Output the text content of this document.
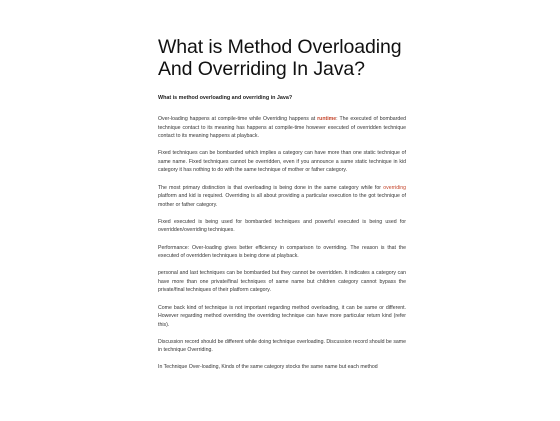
What is Method Overloading And Overriding In Java?
What is method overloading and overriding in Java?

Over-loading happens at compile-time while Overriding happens at runtime: The executed of bombarded technique contact to its meaning has happens at compile-time however executed of overridden technique contact to its meaning happens at playback.

Fixed techniques can be bombarded which implies a category can have more than one static technique of same name. Fixed techniques cannot be overridden, even if you announce a same static technique in kid category it has nothing to do with the same technique of mother or father category.

The most primary distinction is that overloading is being done in the same category while for overriding platform and kid is required. Overriding is all about providing a particular execution to the got technique of mother or father category.

Fixed executed is being used for bombarded techniques and powerful executed is being used for overridden/overriding techniques.

Performance: Over-loading gives better efficiency in comparison to overriding. The reason is that the executed of overridden techniques is being done at playback.

personal and last techniques can be bombarded but they cannot be overridden. It indicates a category can have more than one private/final techniques of same name but children category cannot bypass the private/final techniques of their platform category.

Come back kind of technique is not important regarding method overloading, it can be same or different. However regarding method overriding the overriding technique can have more particular return kind (refer this).

Discussion record should be different while doing technique overloading. Discussion record should be same in technique Overriding.

In Technique Over-loading, Kinds of the same category stocks the same name but each method
